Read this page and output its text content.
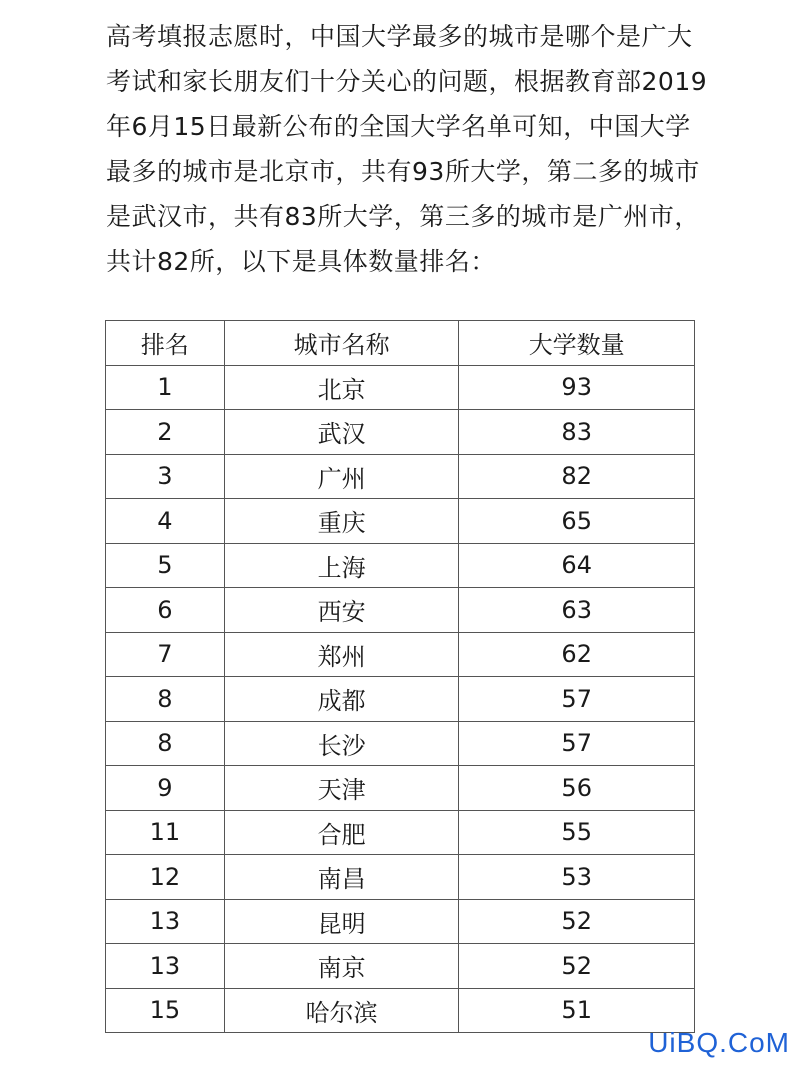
高考填报志愿时，中国大学最多的城市是哪个是广大
考试和家长朋友们十分关心的问题，根据教育部2019
年6月15日最新公布的全国大学名单可知，中国大学
最多的城市是北京市，共有93所大学，第二多的城市
是武汉市，共有83所大学，第三多的城市是广州市，
共计82所，以下是具体数量排名：

排名	城市名称	大学数量
1	北京	93
2	武汉	83
3	广州	82
4	重庆	65
5	上海	64
6	西安	63
7	郑州	62
8	成都	57
8	长沙	57
9	天津	56
11	合肥	55
12	南昌	53
13	昆明	52
13	南京	52
15	哈尔滨	51
UiBQ.CoM
